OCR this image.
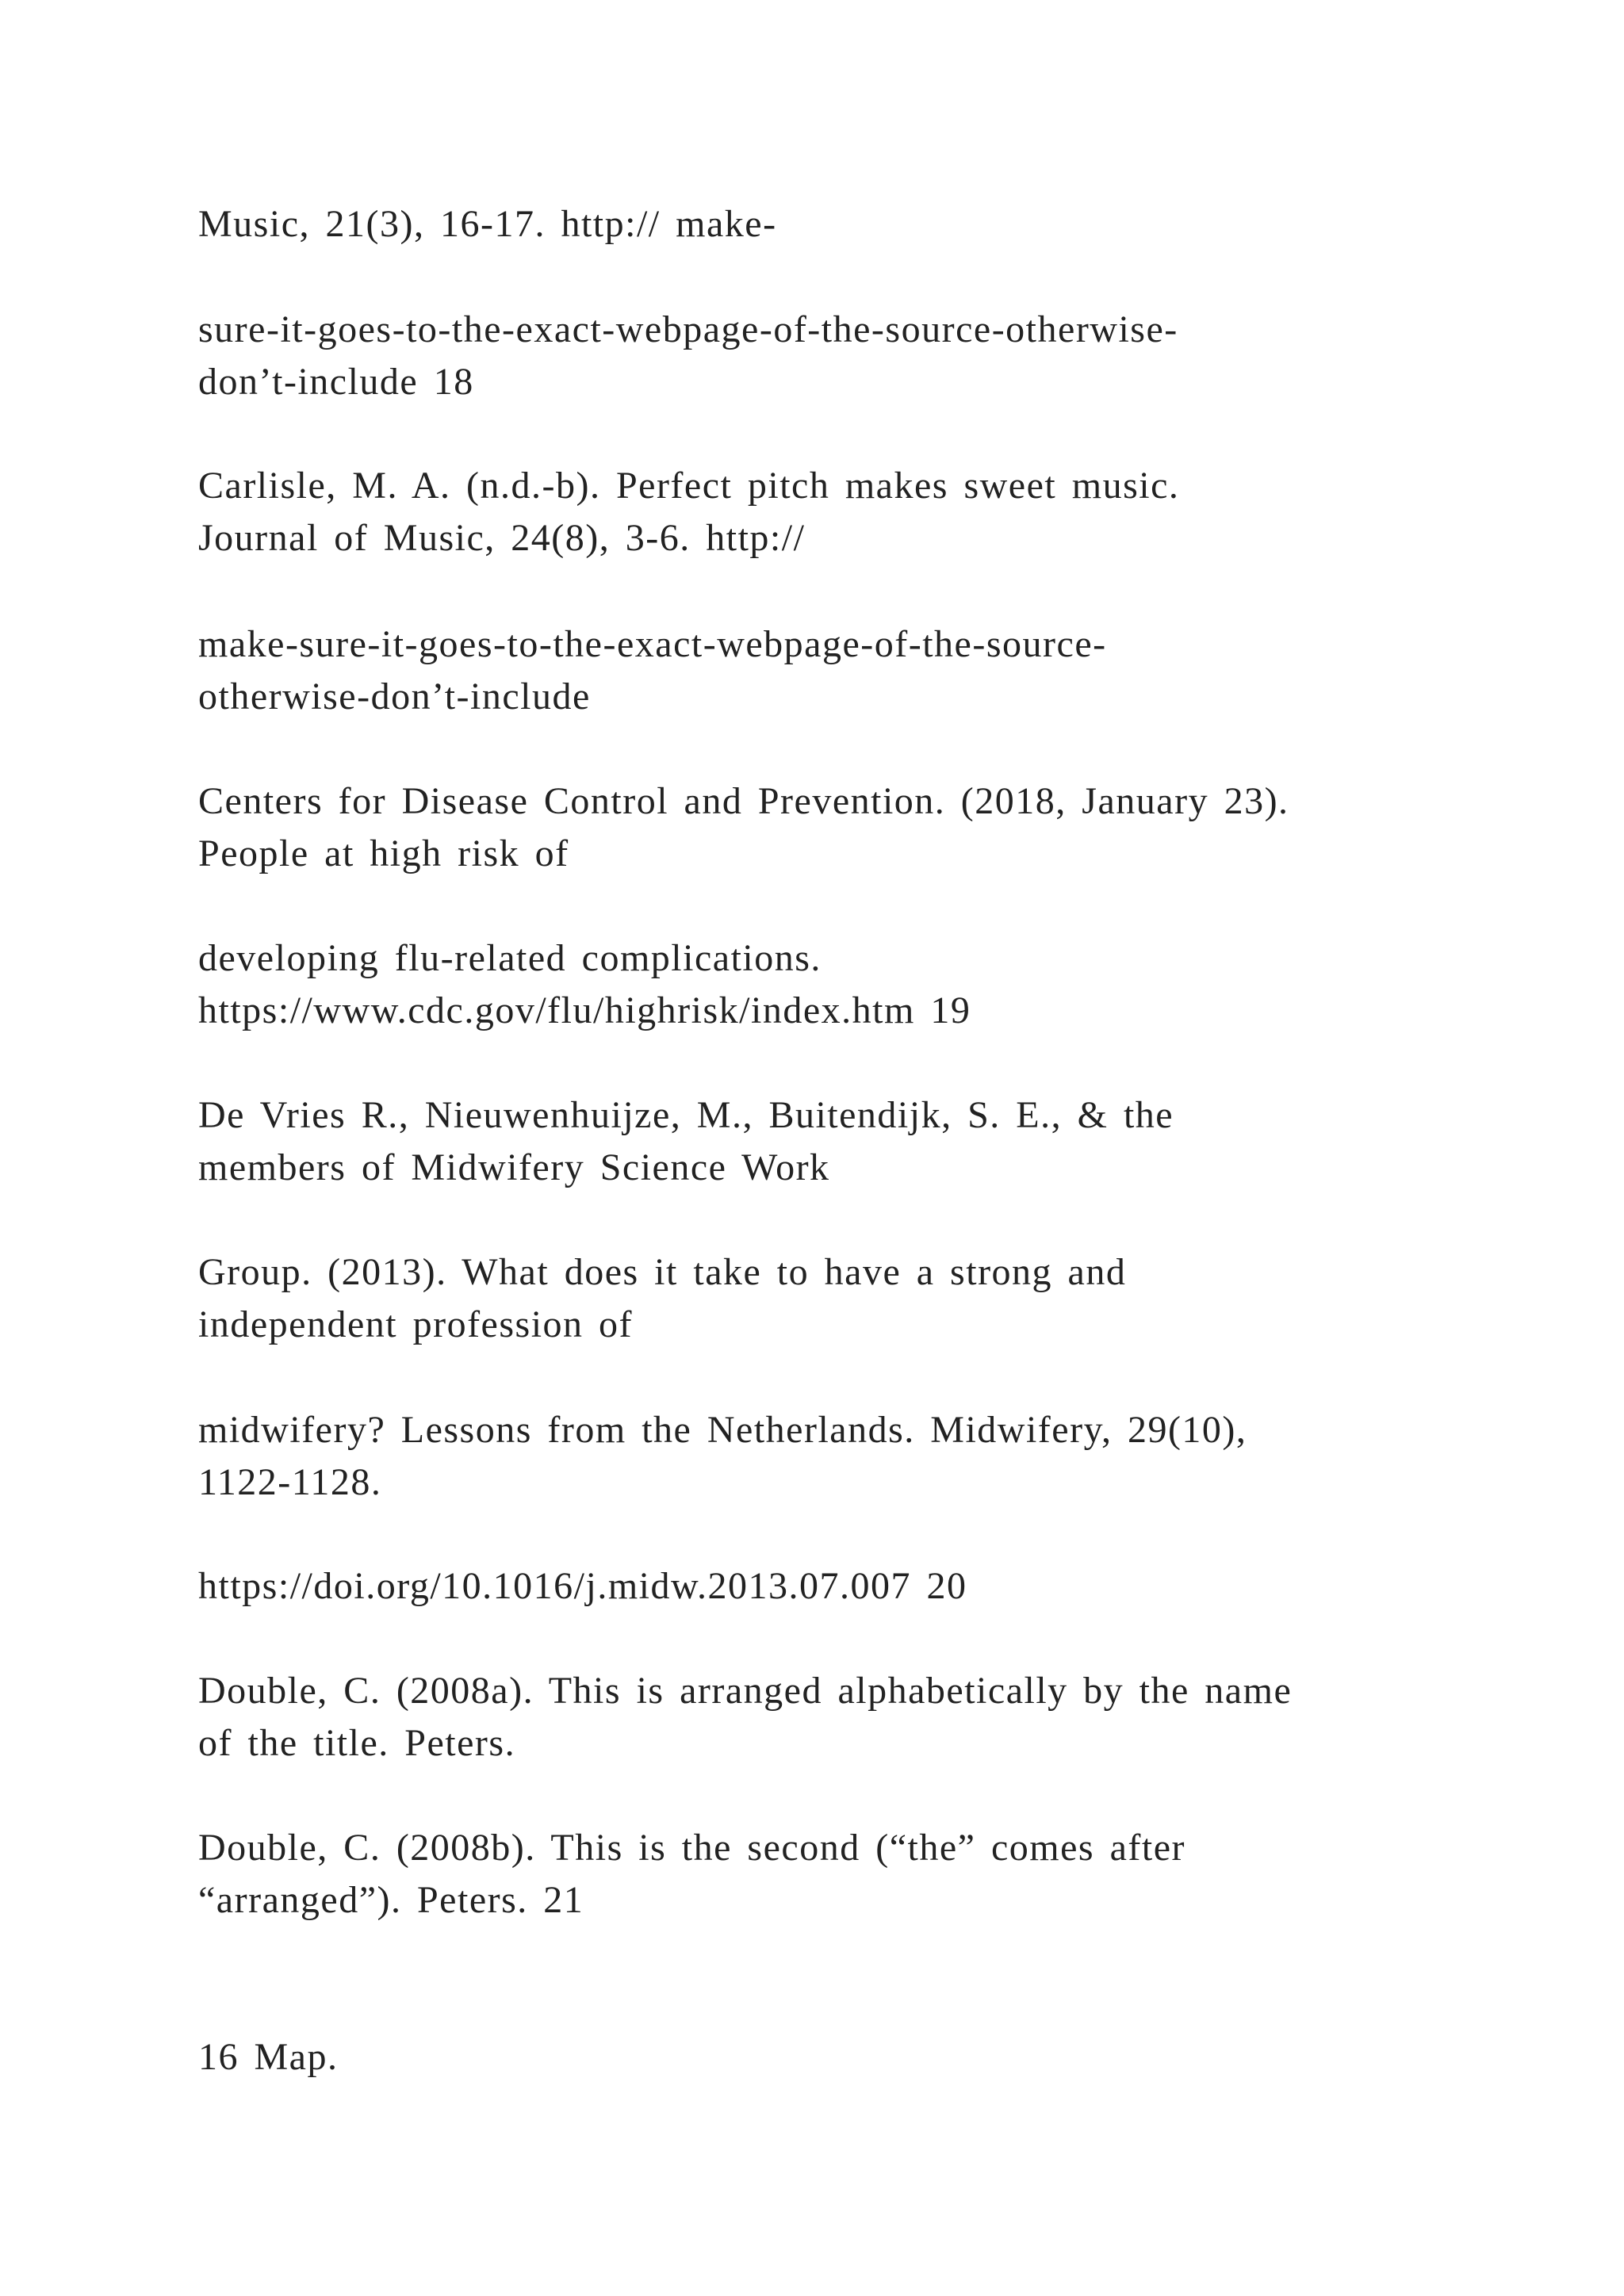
Music, 21(3), 16-17. http:// make-
sure-it-goes-to-the-exact-webpage-of-the-source-otherwise-
don’t-include 18
Carlisle, M. A. (n.d.-b). Perfect pitch makes sweet music.
Journal of Music, 24(8), 3-6. http://
make-sure-it-goes-to-the-exact-webpage-of-the-source-
otherwise-don’t-include
Centers for Disease Control and Prevention. (2018, January 23).
People at high risk of
developing flu-related complications.
https://www.cdc.gov/flu/highrisk/index.htm 19
De Vries R., Nieuwenhuijze, M., Buitendijk, S. E., & the
members of Midwifery Science Work
Group. (2013). What does it take to have a strong and
independent profession of
midwifery? Lessons from the Netherlands. Midwifery, 29(10),
1122-1128.
https://doi.org/10.1016/j.midw.2013.07.007 20
Double, C. (2008a). This is arranged alphabetically by the name
of the title. Peters.
Double, C. (2008b). This is the second (“the” comes after
“arranged”). Peters. 21
16 Map.
